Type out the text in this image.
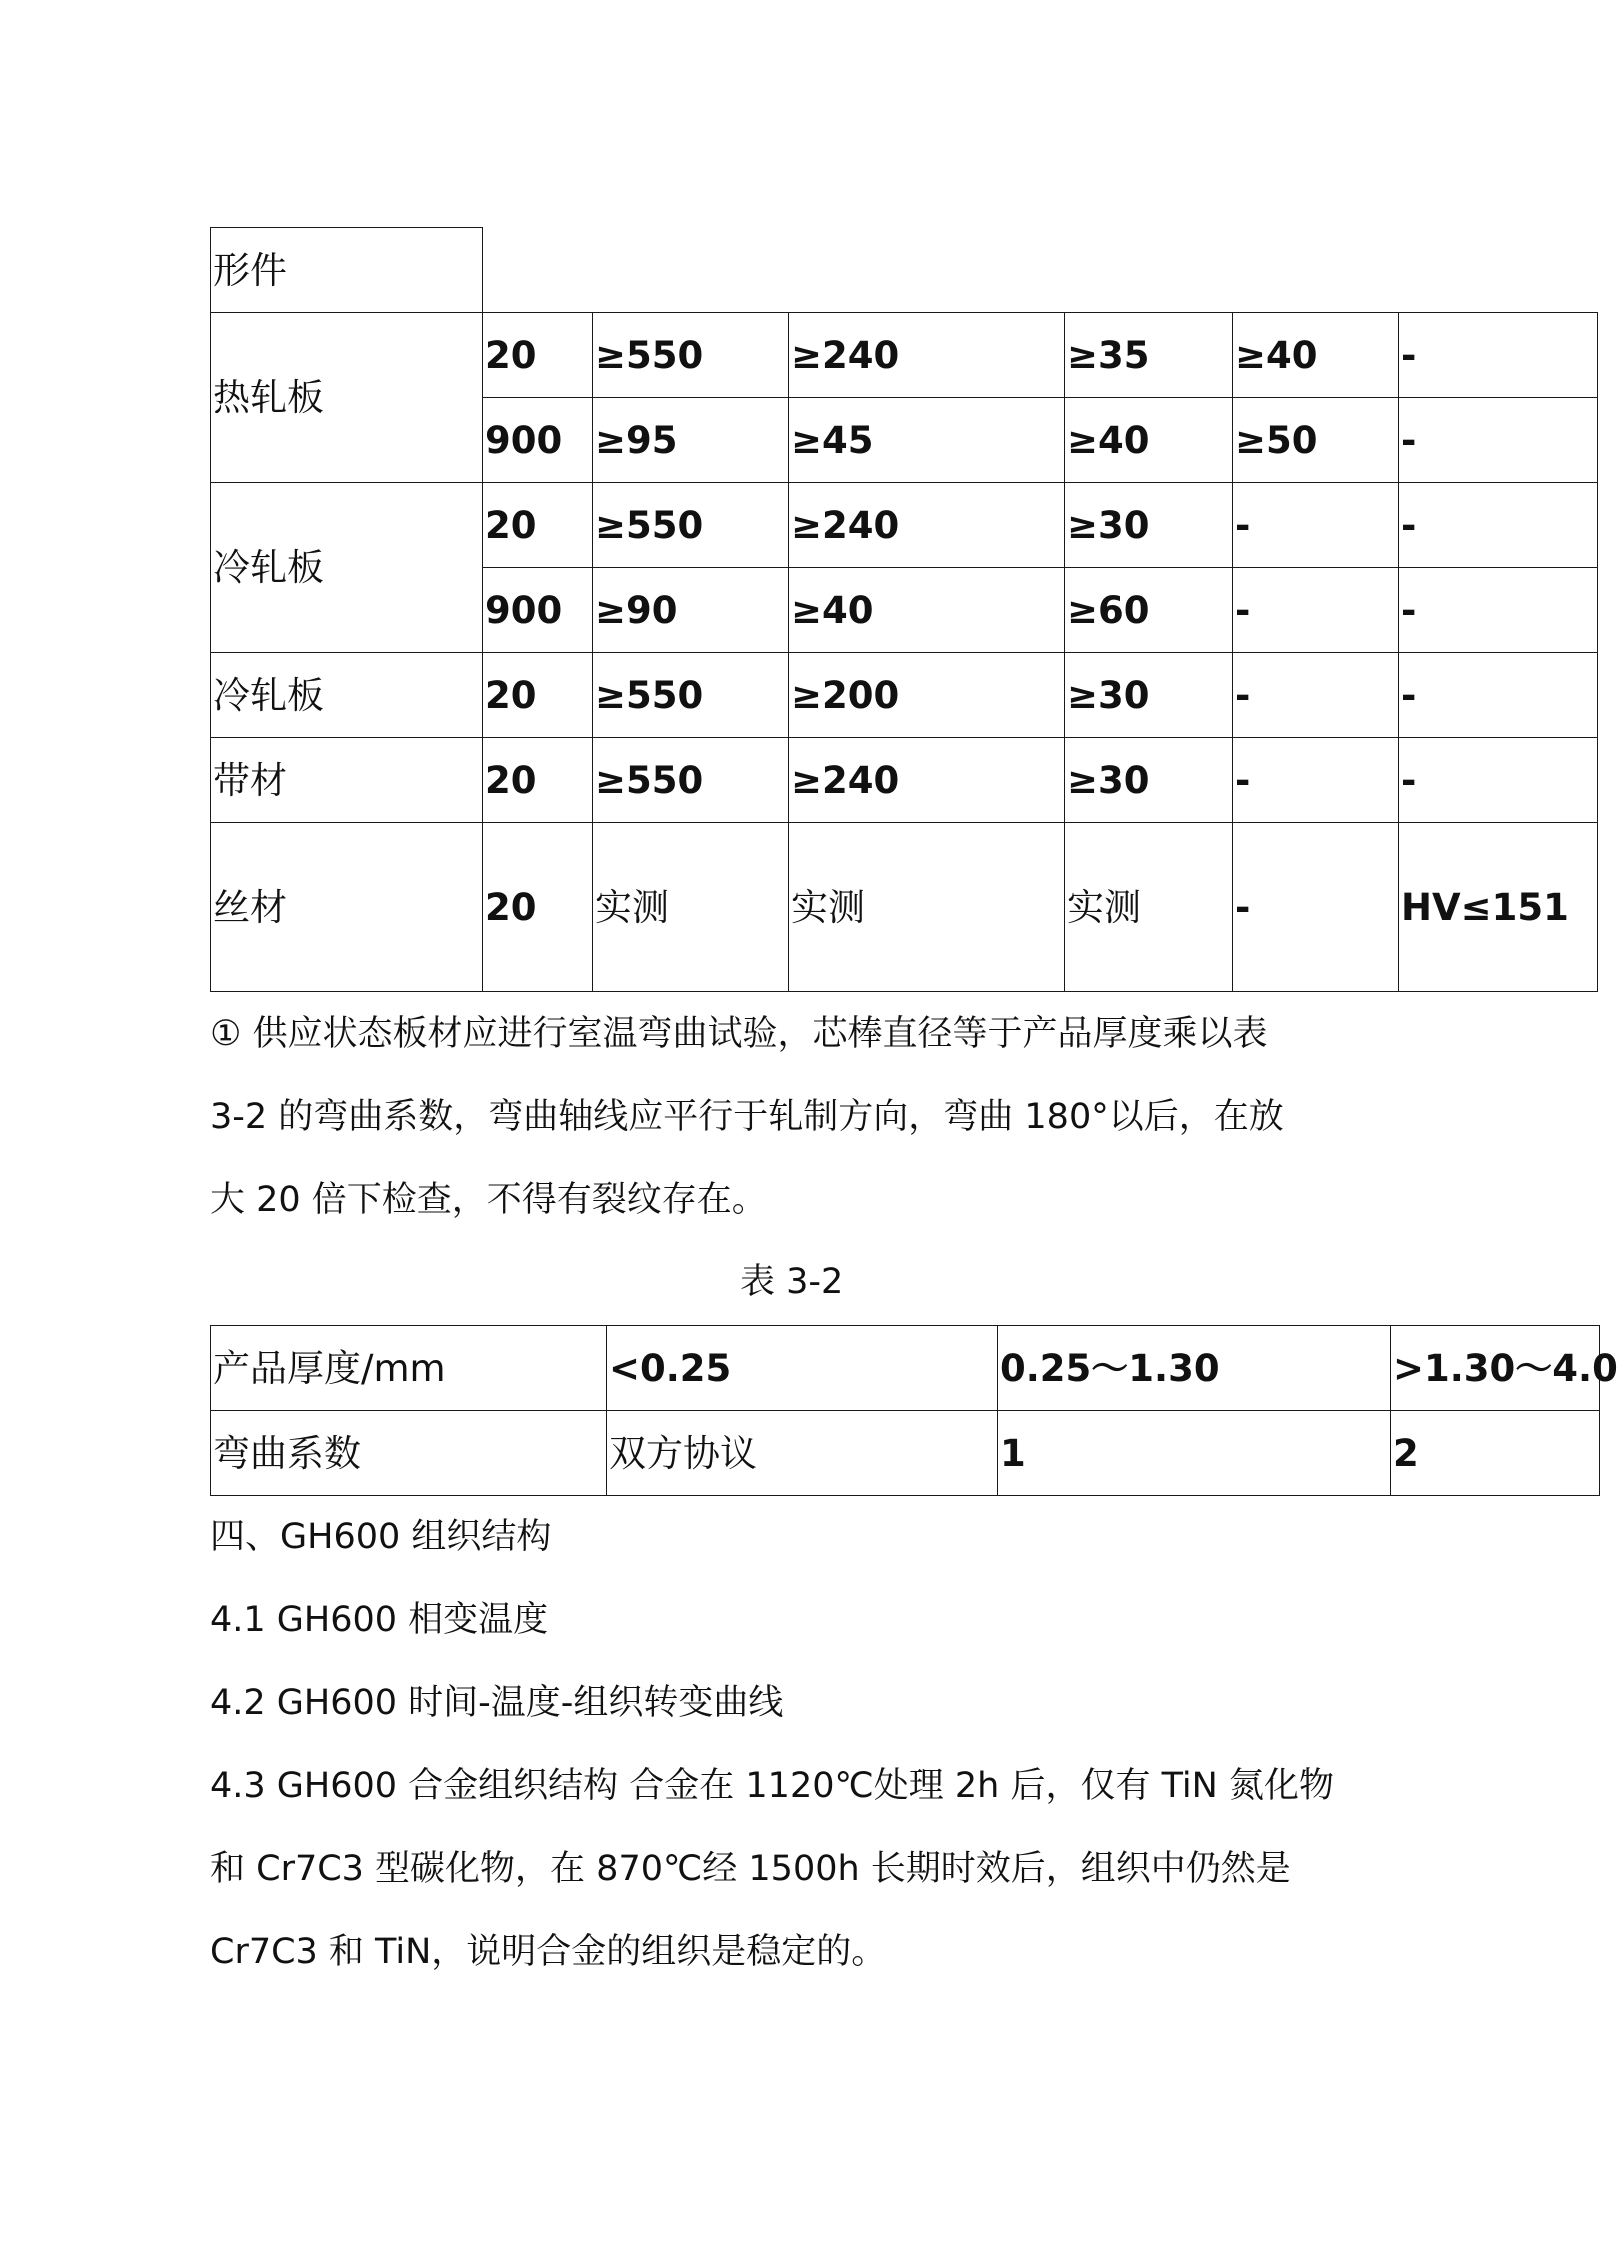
形件
热轧板
20	≥550	≥240	≥35	≥40	-
900 ≥95	≥45	≥40	≥50	-
冷轧板
20	≥550	≥240	≥30	-	-
900 ≥90	≥40	≥60	-	-
冷轧板	20	≥550	≥200	≥30	-	-
带材	20	≥550	≥240	≥30	-	-
丝材	20	实测	实测	实测	-	HV≤151
① 供应状态板材应进行室温弯曲试验，芯棒直径等于产品厚度乘以表
3-2 的弯曲系数，弯曲轴线应平行于轧制方向，弯曲 180°以后，在放
大 20 倍下检查，不得有裂纹存在。
表 3-2
产品厚度/mm	<0.25	0.25～1.30	>1.30～4.0
弯曲系数	双方协议	1	2
四、GH600 组织结构
4.1 GH600 相变温度
4.2 GH600 时间-温度-组织转变曲线
4.3 GH600 合金组织结构 合金在 1120℃处理 2h 后，仅有 TiN 氮化物
和 Cr7C3 型碳化物，在 870℃经 1500h 长期时效后，组织中仍然是
Cr7C3 和 TiN，说明合金的组织是稳定的。
